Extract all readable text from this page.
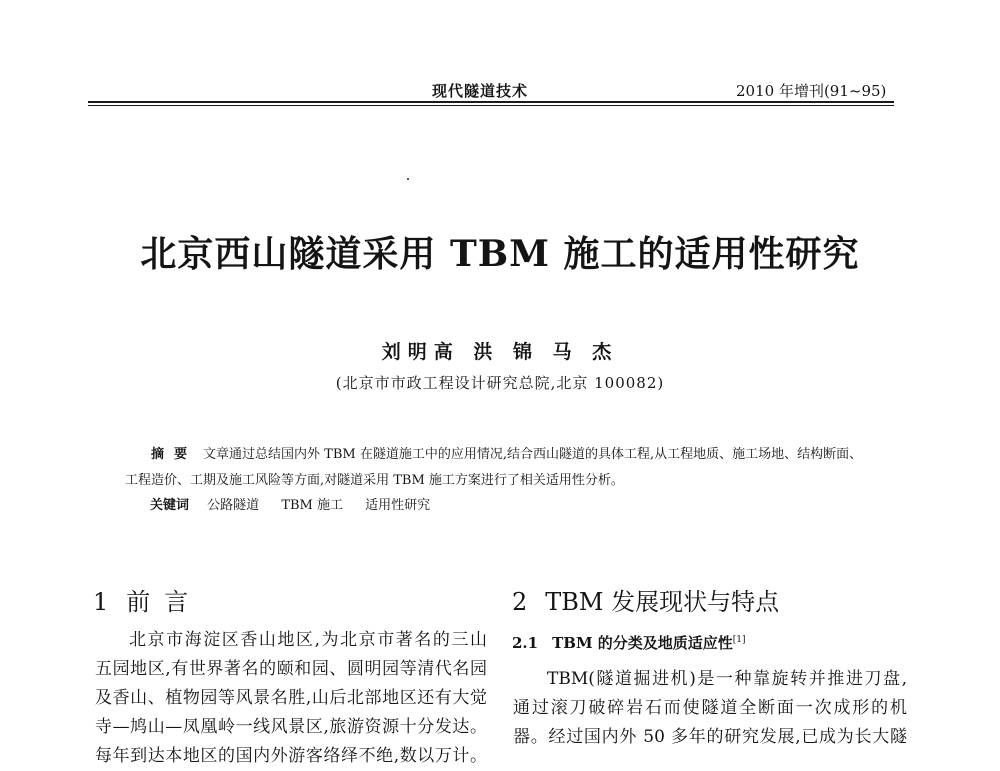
现代隧道技术	2010 年增刊(91~95)
北京西山隧道采用 TBM 施工的适用性研究
刘明高 洪 锦 马 杰
(北京市市政工程设计研究总院,北京 100082)
摘要 文章通过总结国内外 TBM 在隧道施工中的应用情况,结合西山隧道的具体工程,从工程地质、施工场地、结构断面、工程造价、工期及施工风险等方面,对隧道采用 TBM 施工方案进行了相关适用性分析。
关键词 公路隧道 TBM 施工 适用性研究
1 前言

北京市海淀区香山地区,为北京市著名的三山

五园地区,有世界著名的颐和园、圆明园等清代名园

及香山、植物园等风景名胜,山后北部地区还有大觉

寺—鸠山—凤凰岭一线风景区,旅游资源十分发达。

每年到达本地区的国内外游客络绎不绝,数以万计。

2 TBM 发展现状与特点
2.1 TBM 的分类及地质适应性[1]

TBM(隧道掘进机)是一种靠旋转并推进刀盘,

通过滚刀破碎岩石而使隧道全断面一次成形的机

器。经过国内外 50 多年的研究发展,已成为长大隧
